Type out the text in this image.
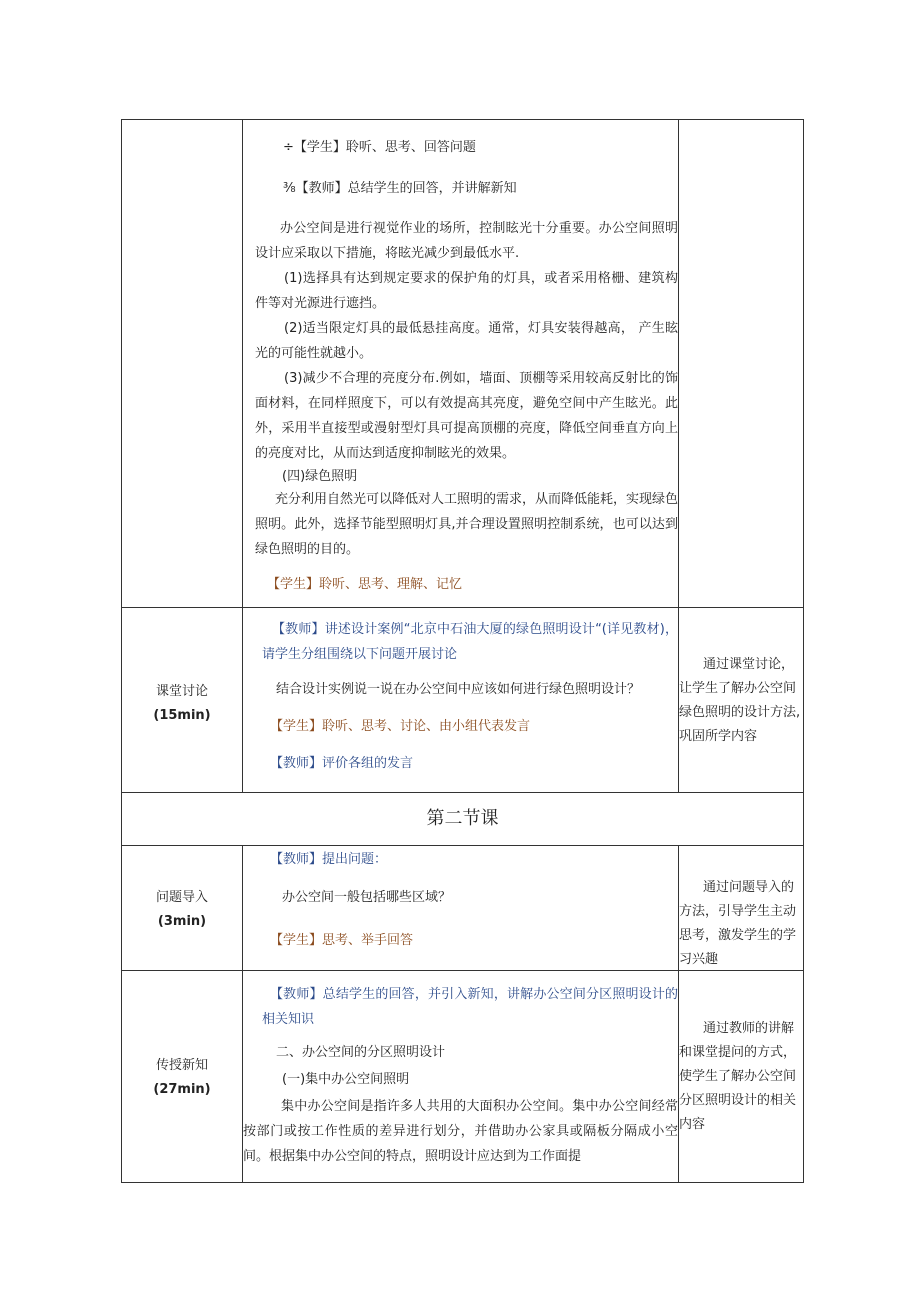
÷【学生】聆听、思考、回答问题
⅜【教师】总结学生的回答，并讲解新知
办公空间是进行视觉作业的场所，控制眩光十分重要。办公空间照明设计应采取以下措施，将眩光减少到最低水平.
(1)选择具有达到规定要求的保护角的灯具，或者采用格栅、建筑构件等对光源进行遮挡。
(2)适当限定灯具的最低悬挂高度。通常，灯具安装得越高， 产生眩光的可能性就越小。
(3)减少不合理的亮度分布.例如，墙面、顶棚等采用较高反射比的饰面材料，在同样照度下，可以有效提高其亮度，避免空间中产生眩光。此外，采用半直接型或漫射型灯具可提高顶棚的亮度，降低空间垂直方向上的亮度对比，从而达到适度抑制眩光的效果。
(四)绿色照明
充分利用自然光可以降低对人工照明的需求，从而降低能耗，实现绿色照明。此外，选择节能型照明灯具,并合理设置照明控制系统，也可以达到绿色照明的目的。
【学生】聆听、思考、理解、记忆
课堂讨论
(15min)
【教师】讲述设计案例“北京中石油大厦的绿色照明设计“(详见教材)，请学生分组围绕以下问题开展讨论
结合设计实例说一说在办公空间中应该如何进行绿色照明设计？
【学生】聆听、思考、讨论、由小组代表发言
【教师】评价各组的发言
通过课堂讨论，让学生了解办公空间绿色照明的设计方法,巩固所学内容
第二节课
问题导入
(3min)
【教师】提出问题：
办公空间一般包括哪些区域？
【学生】思考、举手回答
通过问题导入的方法，引导学生主动思考，激发学生的学习兴趣
传授新知
(27min)
【教师】总结学生的回答，并引入新知，讲解办公空间分区照明设计的相关知识
二、办公空间的分区照明设计
(一)集中办公空间照明
集中办公空间是指许多人共用的大面积办公空间。集中办公空间经常按部门或按工作性质的差异进行划分，并借助办公家具或隔板分隔成小空间。根据集中办公空间的特点，照明设计应达到为工作面提
通过教师的讲解和课堂提问的方式，使学生了解办公空间分区照明设计的相关内容
